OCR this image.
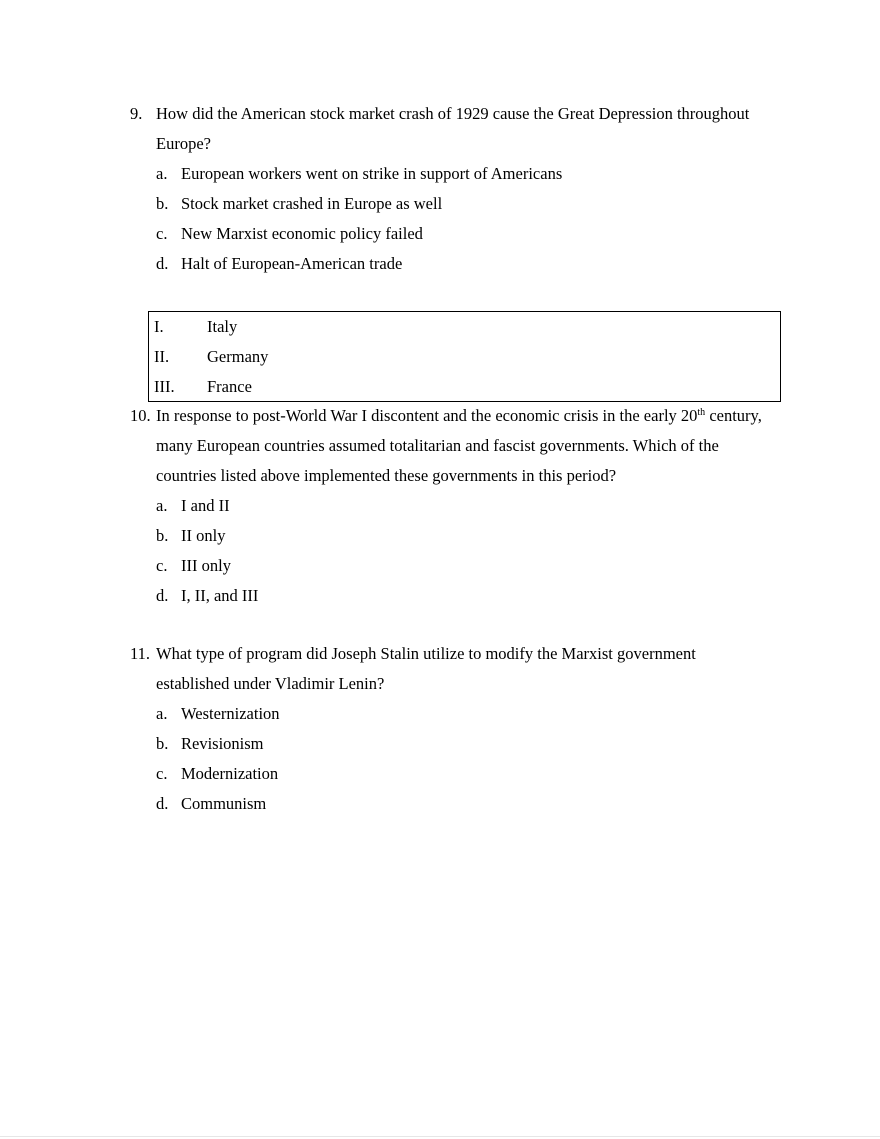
9. How did the American stock market crash of 1929 cause the Great Depression throughout
Europe?
a. European workers went on strike in support of Americans
b. Stock market crashed in Europe as well
c. New Marxist economic policy failed
d. Halt of European-American trade
I.	Italy
II. Germany
III. France
10. In response to post-World War I discontent and the economic crisis in the early 20th century,
many European countries assumed totalitarian and fascist governments. Which of the
countries listed above implemented these governments in this period?
a. I and II
b. II only
c. III only
d. I, II, and III
11. What type of program did Joseph Stalin utilize to modify the Marxist government
established under Vladimir Lenin?
a. Westernization
b. Revisionism
c. Modernization
d. Communism
